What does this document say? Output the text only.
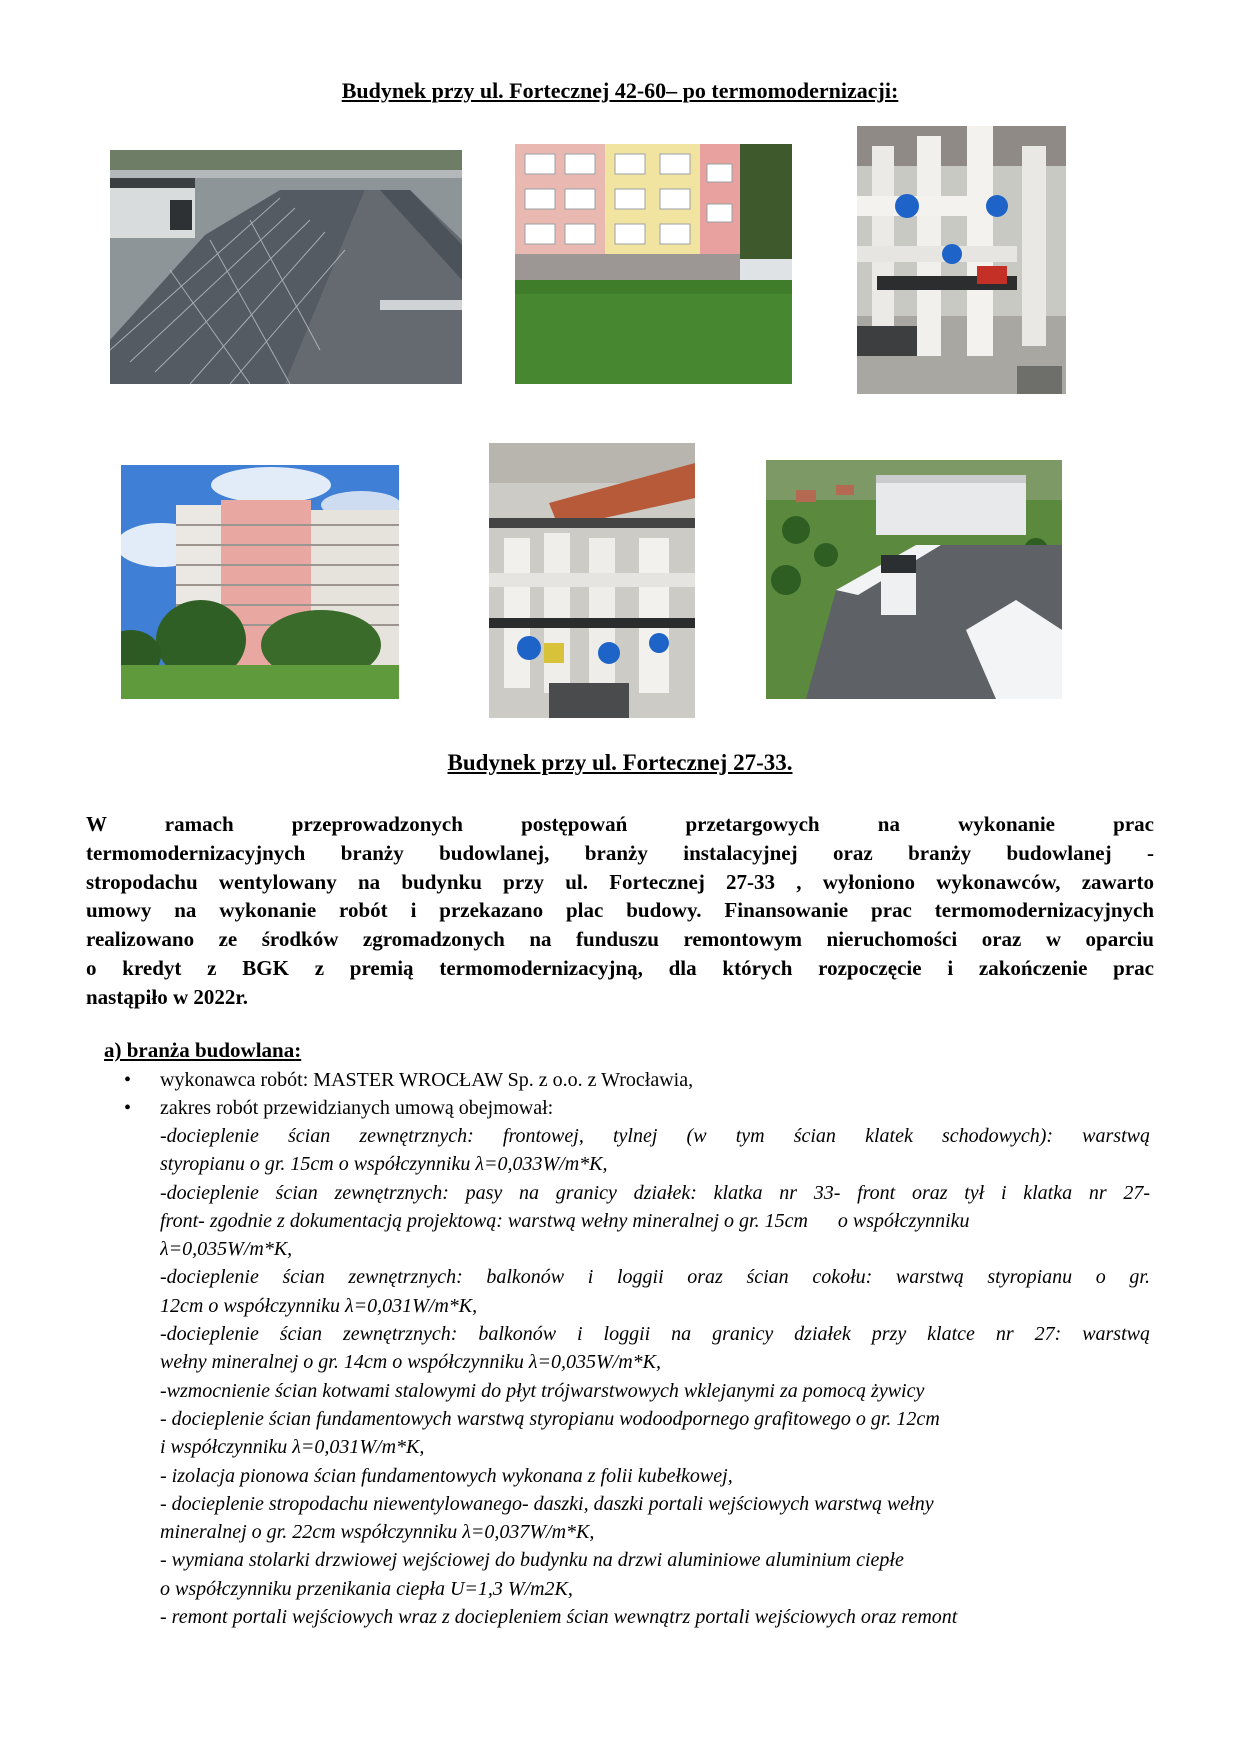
Budynek przy ul. Fortecznej 42-60– po termomodernizacji:
Budynek przy ul. Fortecznej 27-33.
W ramach przeprowadzonych postępowań przetargowych na wykonanie prac
termomodernizacyjnych branży budowlanej, branży instalacyjnej oraz branży budowlanej -
stropodachu wentylowany na budynku przy ul. Fortecznej 27-33 , wyłoniono wykonawców, zawarto
umowy na wykonanie robót i przekazano plac budowy. Finansowanie prac termomodernizacyjnych
realizowano ze środków zgromadzonych na funduszu remontowym nieruchomości oraz w oparciu
o kredyt z BGK z premią termomodernizacyjną, dla których rozpoczęcie i zakończenie prac
nastąpiło w 2022r.
a) branża budowlana:
• wykonawca robót: MASTER WROCŁAW Sp. z o.o. z Wrocławia,
• zakres robót przewidzianych umową obejmował:
-docieplenie ścian zewnętrznych: frontowej, tylnej (w tym ścian klatek schodowych): warstwą
styropianu o gr. 15cm o współczynniku λ=0,033W/m*K,
-docieplenie ścian zewnętrznych: pasy na granicy działek: klatka nr 33- front oraz tył i klatka nr 27-
front- zgodnie z dokumentacją projektową: warstwą wełny mineralnej o gr. 15cm      o współczynniku
λ=0,035W/m*K,
-docieplenie ścian zewnętrznych: balkonów i loggii oraz ścian cokołu: warstwą styropianu o gr.
12cm o współczynniku λ=0,031W/m*K,
-docieplenie ścian zewnętrznych: balkonów i loggii na granicy działek przy klatce nr 27: warstwą
wełny mineralnej o gr. 14cm o współczynniku λ=0,035W/m*K,
-wzmocnienie ścian kotwami stalowymi do płyt trójwarstwowych wklejanymi za pomocą żywicy
- docieplenie ścian fundamentowych warstwą styropianu wodoodpornego grafitowego o gr. 12cm
i współczynniku λ=0,031W/m*K,
- izolacja pionowa ścian fundamentowych wykonana z folii kubełkowej,
- docieplenie stropodachu niewentylowanego- daszki, daszki portali wejściowych warstwą wełny
mineralnej o gr. 22cm współczynniku λ=0,037W/m*K,
- wymiana stolarki drzwiowej wejściowej do budynku na drzwi aluminiowe aluminium ciepłe
o współczynniku przenikania ciepła U=1,3 W/m2K,
- remont portali wejściowych wraz z dociepleniem ścian wewnątrz portali wejściowych oraz remont
